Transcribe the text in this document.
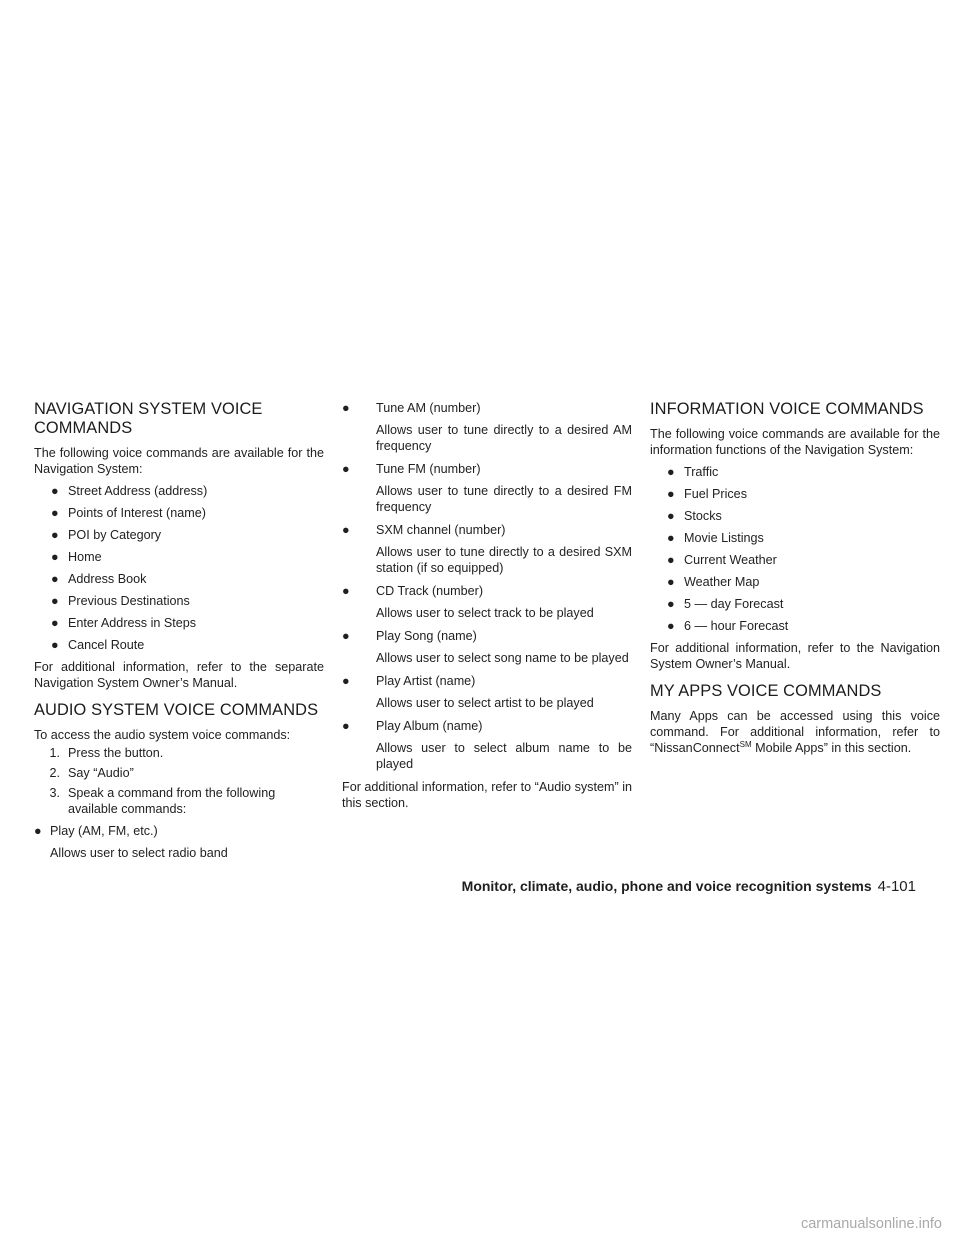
NAVIGATION SYSTEM VOICE COMMANDS

The following voice commands are available for the Navigation System:

● Street Address (address)
● Points of Interest (name)
● POI by Category
● Home
● Address Book
● Previous Destinations
● Enter Address in Steps
● Cancel Route

For additional information, refer to the separate Navigation System Owner’s Manual.

AUDIO SYSTEM VOICE COMMANDS

To access the audio system voice commands:

1. Press the button.
2. Say “Audio”
3. Speak a command from the following available commands:
● Play (AM, FM, etc.)
Allows user to select radio band
● Tune AM (number)
Allows user to tune directly to a desired AM frequency
● Tune FM (number)
Allows user to tune directly to a desired FM frequency
● SXM channel (number)
Allows user to tune directly to a desired SXM station (if so equipped)
● CD Track (number)
Allows user to select track to be played
● Play Song (name)
Allows user to select song name to be played
● Play Artist (name)
Allows user to select artist to be played
● Play Album (name)
Allows user to select album name to be played

For additional information, refer to “Audio system” in this section.

INFORMATION VOICE COMMANDS

The following voice commands are available for the information functions of the Navigation System:

● Traffic
● Fuel Prices
● Stocks
● Movie Listings
● Current Weather
● Weather Map
● 5 — day Forecast
● 6 — hour Forecast

For additional information, refer to the Navigation System Owner’s Manual.

MY APPS VOICE COMMANDS

Many Apps can be accessed using this voice command. For additional information, refer to “NissanConnect℠ Mobile Apps” in this section.

Monitor, climate, audio, phone and voice recognition systems 4-101
carmanualsonline.info
